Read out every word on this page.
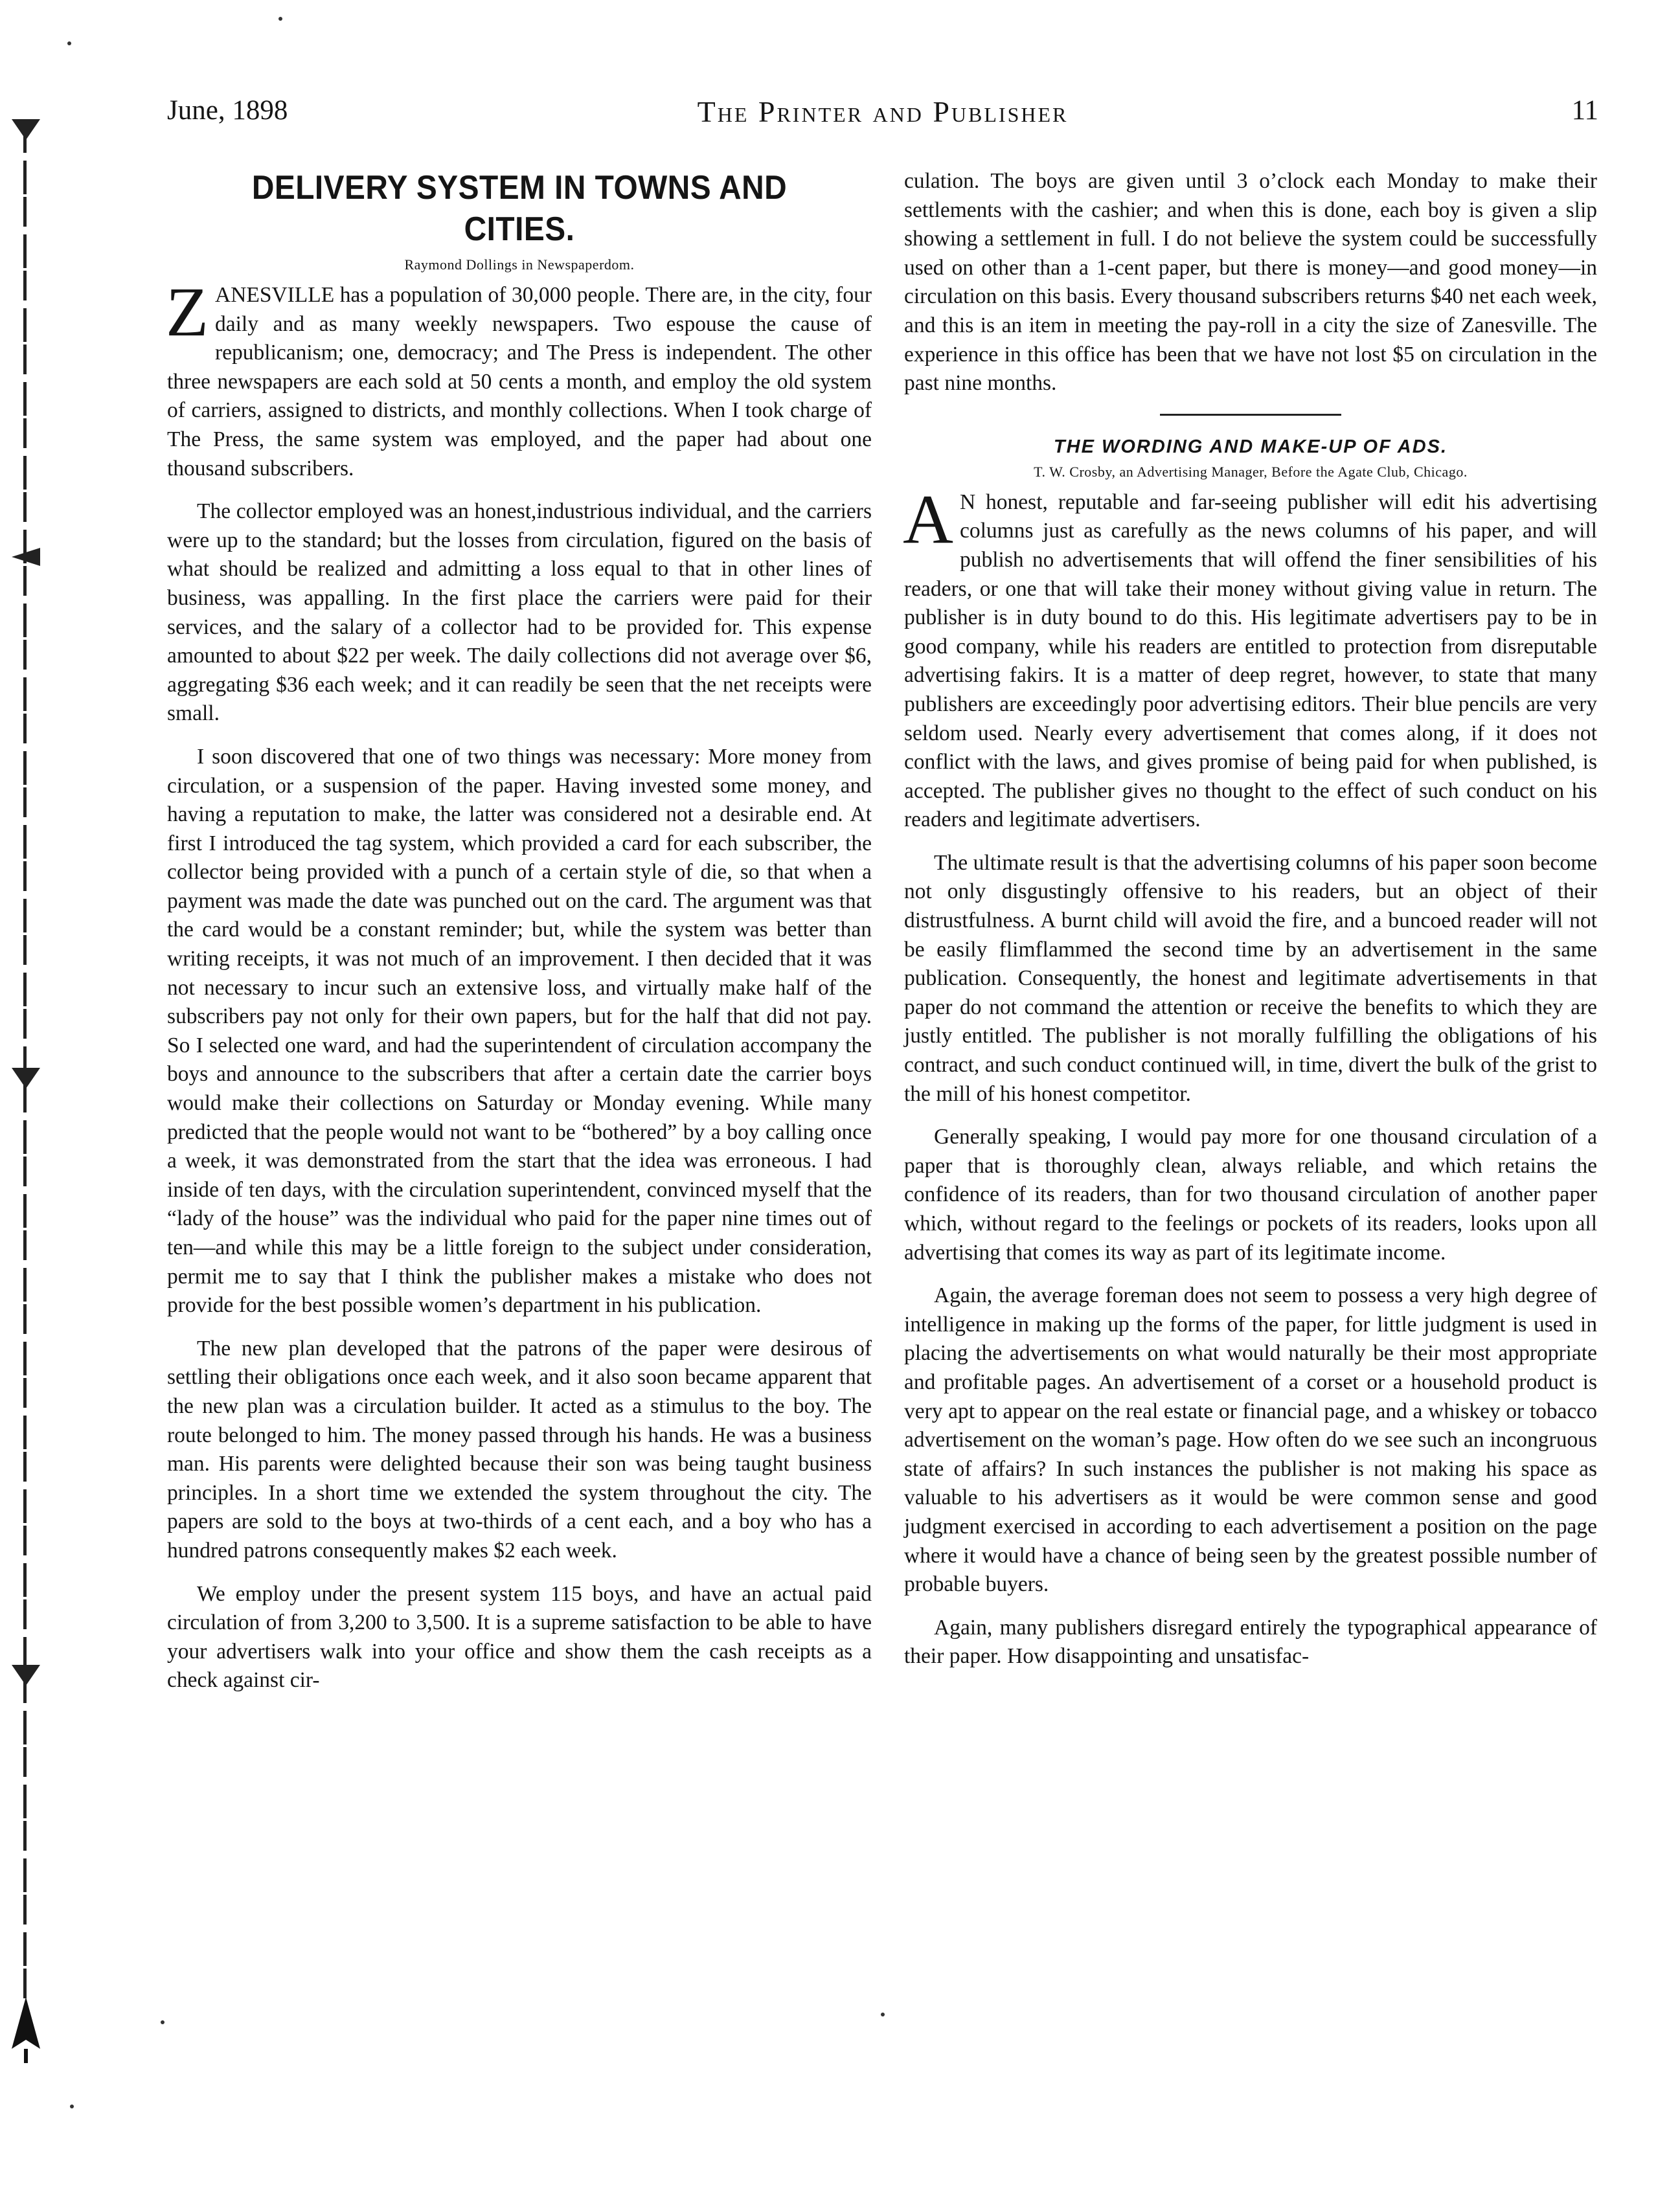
June, 1898	The Printer and Publisher	11
DELIVERY SYSTEM IN TOWNS AND CITIES.
Raymond Dollings in Newspaperdom.

ZANESVILLE has a population of 30,000 people. There are, in the city, four daily and as many weekly newspapers. Two espouse the cause of republicanism; one, democracy; and The Press is independent. The other three newspapers are each sold at 50 cents a month, and employ the old system of carriers, assigned to districts, and monthly collections. When I took charge of The Press, the same system was employed, and the paper had about one thousand subscribers.

The collector employed was an honest,industrious individual, and the carriers were up to the standard; but the losses from circulation, figured on the basis of what should be realized and admitting a loss equal to that in other lines of business, was appalling. In the first place the carriers were paid for their services, and the salary of a collector had to be provided for. This expense amounted to about $22 per week. The daily collections did not average over $6, aggregating $36 each week; and it can readily be seen that the net receipts were small.

I soon discovered that one of two things was necessary: More money from circulation, or a suspension of the paper. Having invested some money, and having a reputation to make, the latter was considered not a desirable end. At first I introduced the tag system, which provided a card for each subscriber, the collector being provided with a punch of a certain style of die, so that when a payment was made the date was punched out on the card. The argument was that the card would be a constant reminder; but, while the system was better than writing receipts, it was not much of an improvement. I then decided that it was not necessary to incur such an extensive loss, and virtually make half of the subscribers pay not only for their own papers, but for the half that did not pay. So I selected one ward, and had the superintendent of circulation accompany the boys and announce to the subscribers that after a certain date the carrier boys would make their collections on Saturday or Monday evening. While many predicted that the people would not want to be “bothered” by a boy calling once a week, it was demonstrated from the start that the idea was erroneous. I had inside of ten days, with the circulation superintendent, convinced myself that the “lady of the house” was the individual who paid for the paper nine times out of ten—and while this may be a little foreign to the subject under consideration, permit me to say that I think the publisher makes a mistake who does not provide for the best possible women’s department in his publication.

The new plan developed that the patrons of the paper were desirous of settling their obligations once each week, and it also soon became apparent that the new plan was a circulation builder. It acted as a stimulus to the boy. The route belonged to him. The money passed through his hands. He was a business man. His parents were delighted because their son was being taught business principles. In a short time we extended the system throughout the city. The papers are sold to the boys at two-thirds of a cent each, and a boy who has a hundred patrons consequently makes $2 each week.

We employ under the present system 115 boys, and have an actual paid circulation of from 3,200 to 3,500. It is a supreme satisfaction to be able to have your advertisers walk into your office and show them the cash receipts as a check against cir-

culation. The boys are given until 3 o’clock each Monday to make their settlements with the cashier; and when this is done, each boy is given a slip showing a settlement in full. I do not believe the system could be successfully used on other than a 1-cent paper, but there is money—and good money—in circulation on this basis. Every thousand subscribers returns $40 net each week, and this is an item in meeting the pay-roll in a city the size of Zanesville. The experience in this office has been that we have not lost $5 on circulation in the past nine months.

THE WORDING AND MAKE-UP OF ADS.
T. W. Crosby, an Advertising Manager, Before the Agate Club, Chicago.

A N honest, reputable and far-seeing publisher will edit his advertising columns just as carefully as the news columns of his paper, and will publish no advertisements that will offend the finer sensibilities of his readers, or one that will take their money without giving value in return. The publisher is in duty bound to do this. His legitimate advertisers pay to be in good company, while his readers are entitled to protection from disreputable advertising fakirs. It is a matter of deep regret, however, to state that many publishers are exceedingly poor advertising editors. Their blue pencils are very seldom used. Nearly every advertisement that comes along, if it does not conflict with the laws, and gives promise of being paid for when published, is accepted. The publisher gives no thought to the effect of such conduct on his readers and legitimate advertisers.

The ultimate result is that the advertising columns of his paper soon become not only disgustingly offensive to his readers, but an object of their distrustfulness. A burnt child will avoid the fire, and a buncoed reader will not be easily flimflammed the second time by an advertisement in the same publication. Consequently, the honest and legitimate advertisements in that paper do not command the attention or receive the benefits to which they are justly entitled. The publisher is not morally fulfilling the obligations of his contract, and such conduct continued will, in time, divert the bulk of the grist to the mill of his honest competitor.

Generally speaking, I would pay more for one thousand circulation of a paper that is thoroughly clean, always reliable, and which retains the confidence of its readers, than for two thousand circulation of another paper which, without regard to the feelings or pockets of its readers, looks upon all advertising that comes its way as part of its legitimate income.

Again, the average foreman does not seem to possess a very high degree of intelligence in making up the forms of the paper, for little judgment is used in placing the advertisements on what would naturally be their most appropriate and profitable pages. An advertisement of a corset or a household product is very apt to appear on the real estate or financial page, and a whiskey or tobacco advertisement on the woman’s page. How often do we see such an incongruous state of affairs? In such instances the publisher is not making his space as valuable to his advertisers as it would be were common sense and good judgment exercised in according to each advertisement a position on the page where it would have a chance of being seen by the greatest possible number of probable buyers.

Again, many publishers disregard entirely the typographical appearance of their paper. How disappointing and unsatisfac-
